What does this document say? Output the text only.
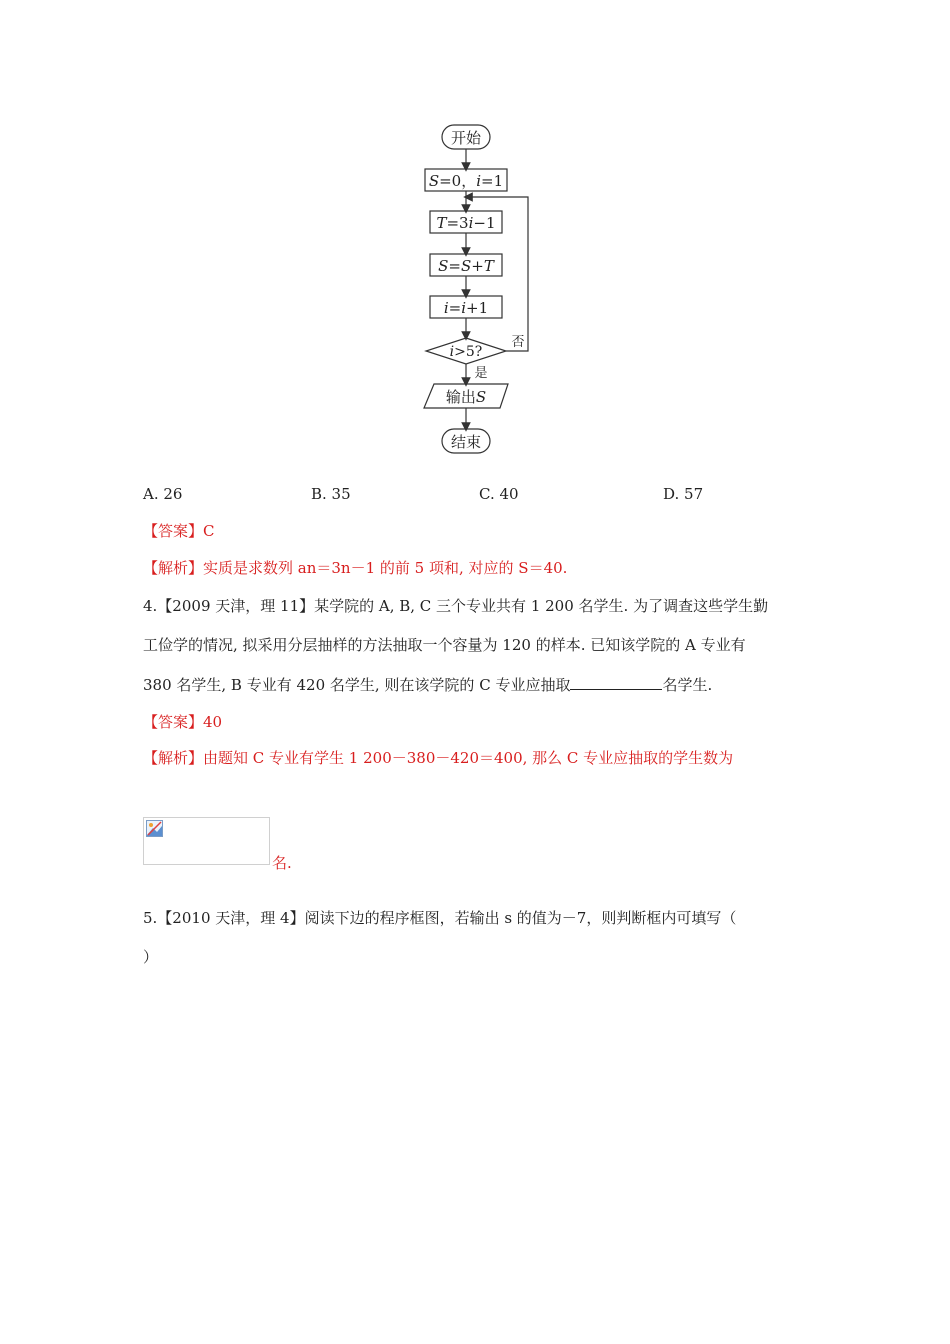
开始
S=0，i=1
T=3i−1
S=S+T
i=i+1
i>5?
否
是
输出S
结束
A. 26	B. 35	C. 40	D. 57
【答案】C
【解析】实质是求数列 an＝3n－1 的前 5 项和, 对应的 S＝40.
4.【2009 天津，理 11】某学院的 A, B, C 三个专业共有 1 200 名学生. 为了调查这些学生勤
工俭学的情况, 拟采用分层抽样的方法抽取一个容量为 120 的样本. 已知该学院的 A 专业有
380 名学生, B 专业有 420 名学生, 则在该学院的 C 专业应抽取	名学生.
【答案】40
【解析】由题知 C 专业有学生 1 200－380－420＝400, 那么 C 专业应抽取的学生数为
名.
5.【2010 天津，理 4】阅读下边的程序框图，若输出 s 的值为－7，则判断框内可填写（
）
